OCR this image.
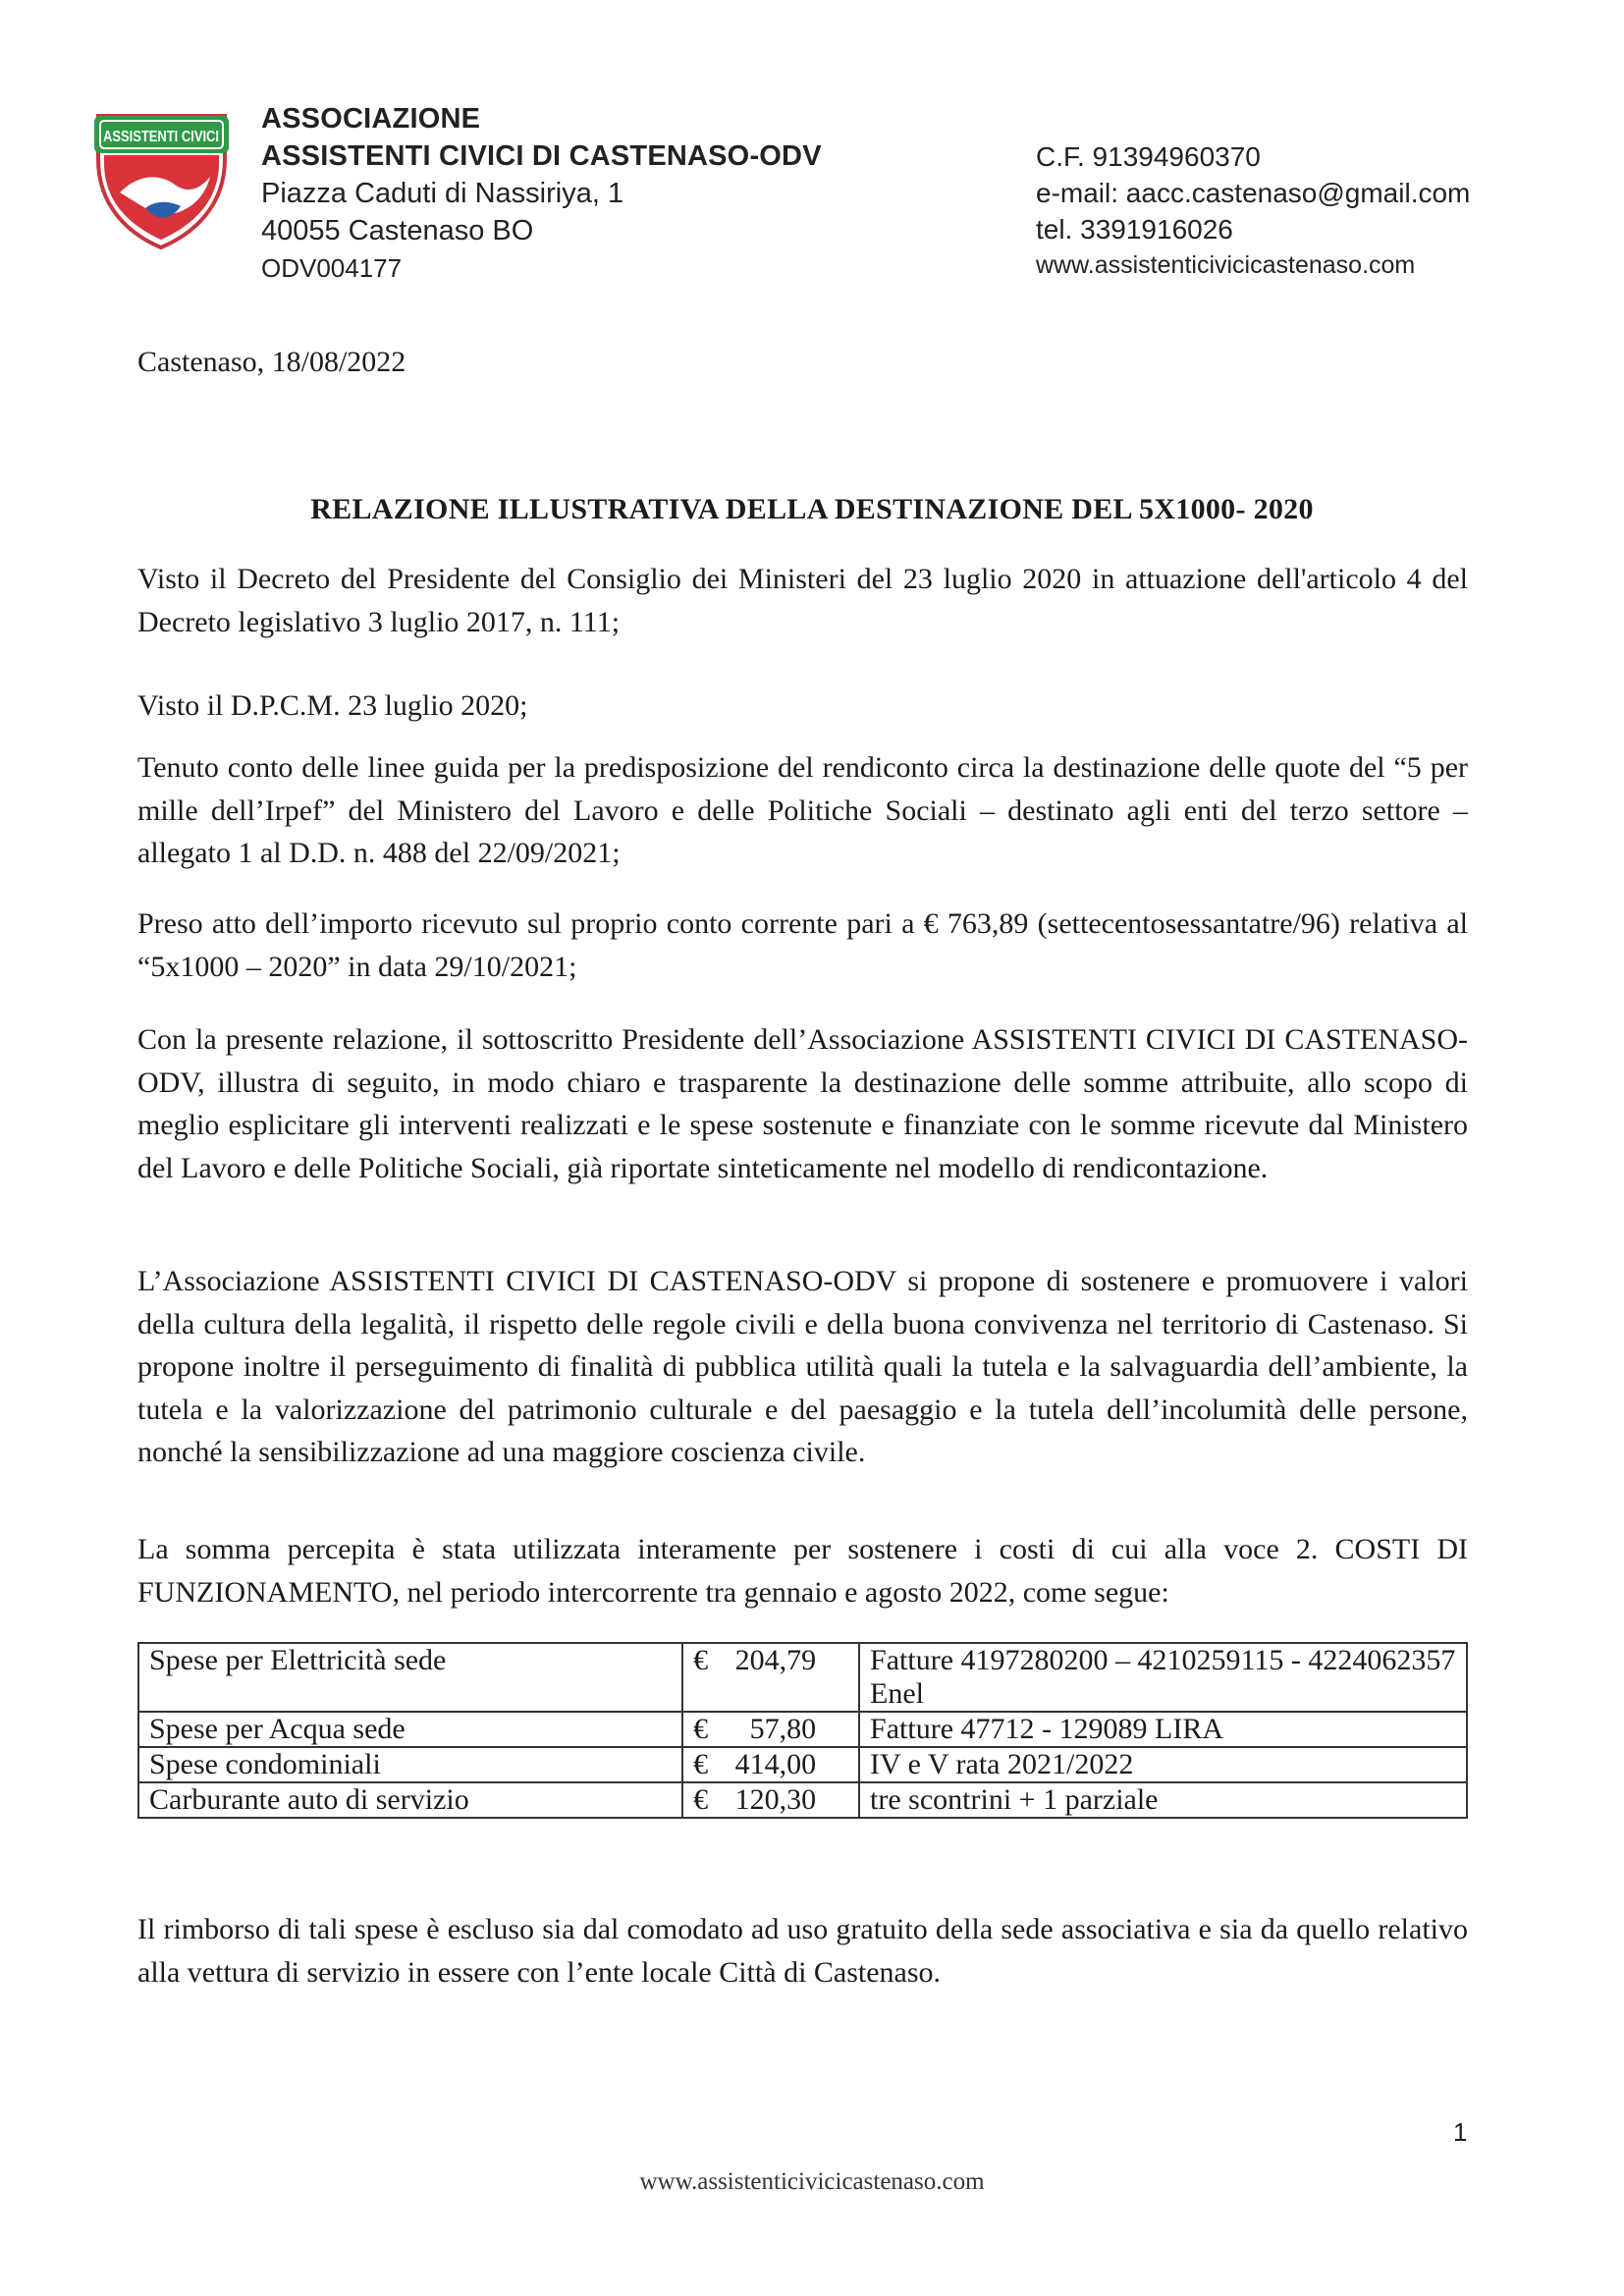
ASSISTENTI CIVICI
ASSOCIAZIONE
ASSISTENTI CIVICI DI CASTENASO-ODV
Piazza Caduti di Nassiriya, 1
40055 Castenaso BO
ODV004177
C.F. 91394960370
e-mail: aacc.castenaso@gmail.com
tel. 3391916026
www.assistenticivicicastenaso.com
Castenaso, 18/08/2022
RELAZIONE ILLUSTRATIVA DELLA DESTINAZIONE DEL 5X1000- 2020
Visto il Decreto del Presidente del Consiglio dei Ministeri del 23 luglio 2020 in attuazione dell'articolo 4 del Decreto legislativo 3 luglio 2017, n. 111;
Visto il D.P.C.M. 23 luglio 2020;
Tenuto conto delle linee guida per la predisposizione del rendiconto circa la destinazione delle quote del “5 per mille dell’Irpef” del Ministero del Lavoro e delle Politiche Sociali – destinato agli enti del terzo settore – allegato 1 al D.D. n. 488 del 22/09/2021;
Preso atto dell’importo ricevuto sul proprio conto corrente pari a € 763,89 (settecentosessantatre/96) relativa al “5x1000 – 2020” in data 29/10/2021;
Con la presente relazione, il sottoscritto Presidente dell’Associazione ASSISTENTI CIVICI DI CASTENASO-ODV, illustra di seguito, in modo chiaro e trasparente la destinazione delle somme attribuite, allo scopo di meglio esplicitare gli interventi realizzati e le spese sostenute e finanziate con le somme ricevute dal Ministero del Lavoro e delle Politiche Sociali, già riportate sinteticamente nel modello di rendicontazione.
L’Associazione ASSISTENTI CIVICI DI CASTENASO-ODV si propone di sostenere e promuovere i valori della cultura della legalità, il rispetto delle regole civili e della buona convivenza nel territorio di Castenaso. Si propone inoltre il perseguimento di finalità di pubblica utilità quali la tutela e la salvaguardia dell’ambiente, la tutela e la valorizzazione del patrimonio culturale e del paesaggio e la tutela dell’incolumità delle persone, nonché la sensibilizzazione ad una maggiore coscienza civile.
La somma percepita è stata utilizzata interamente per sostenere i costi di cui alla voce 2. COSTI DI FUNZIONAMENTO, nel periodo intercorrente tra gennaio e agosto 2022, come segue:
Spese per Elettricità sede	€ 204,79	Fatture 4197280200 – 4210259115 - 4224062357 Enel
Spese per Acqua sede	€ 57,80	Fatture 47712 - 129089 LIRA
Spese condominiali	€ 414,00	IV e V rata 2021/2022
Carburante auto di servizio	€ 120,30	tre scontrini + 1 parziale
Il rimborso di tali spese è escluso sia dal comodato ad uso gratuito della sede associativa e sia da quello relativo alla vettura di servizio in essere con l’ente locale Città di Castenaso.
1
www.assistenticivicicastenaso.com
